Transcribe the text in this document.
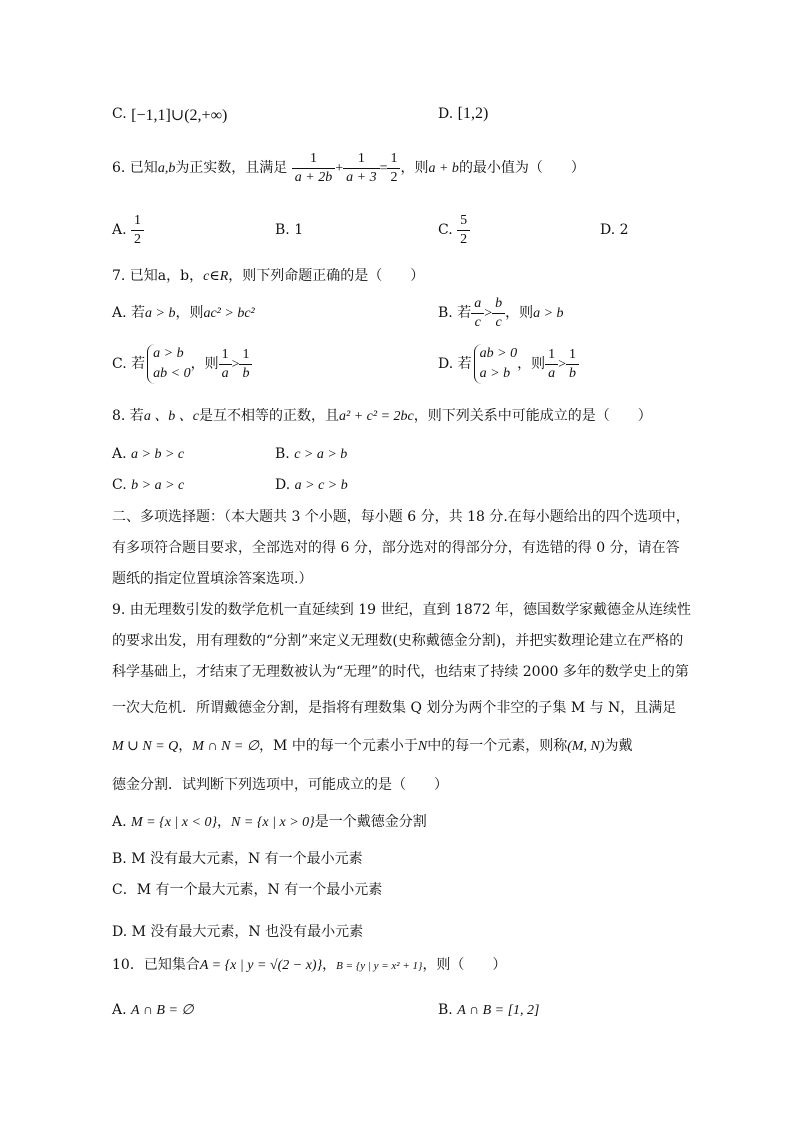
C. [−1,1]∪(2,+∞)	D. [1,2)
6. 已知a,b为正实数，且满足 $\frac{1}{a + 2b} + \frac{1}{a + 3} = \frac{1}{2}$ ，则a + b的最小值为（　　）
A. $\frac{1}{2}$	B. 1	C. $\frac{5}{2}$	D. 2
7. 已知a，b，c∈R，则下列命题正确的是（　　）
A. 若a > b，则ac² > bc²	B. 若 $\frac{a}{c} > \frac{b}{c}$ ，则a > b
C. 若
a > b
ab < 0
，则 $\frac{1}{a} > \frac{1}{b}$	D. 若
ab > 0
a > b
，则 $\frac{1}{a} > \frac{1}{b}$
8. 若a 、b 、c是互不相等的正数，且a² + c² = 2bc，则下列关系中可能成立的是（　　）
A. a > b > c	B. c > a > b
C. b > a > c	D. a > c > b
二、多项选择题：（本大题共 3 个小题，每小题 6 分，共 18 分.在每小题给出的四个选项中，
有多项符合题目要求，全部选对的得 6 分，部分选对的得部分分，有选错的得 0 分，请在答
题纸的指定位置填涂答案选项.）
9. 由无理数引发的数学危机一直延续到 19 世纪，直到 1872 年，德国数学家戴德金从连续性
的要求出发，用有理数的“分割”来定义无理数(史称戴德金分割)，并把实数理论建立在严格的
科学基础上，才结束了无理数被认为“无理”的时代，也结束了持续 2000 多年的数学史上的第
一次大危机．所谓戴德金分割，是指将有理数集 Q 划分为两个非空的子集 M 与 N，且满足
M ∪ N = Q，M ∩ N = ∅，M 中的每一个元素小于N中的每一个元素，则称(M, N)为戴
德金分割．试判断下列选项中，可能成立的是（　　）
A. M = {x | x < 0}，N = {x | x > 0}是一个戴德金分割
B. M 没有最大元素，N 有一个最小元素
C．M 有一个最大元素，N 有一个最小元素
D. M 没有最大元素，N 也没有最小元素
10．已知集合A = {x | y = √(2 − x)}，B = {y | y = x² + 1}，则（　　）
A. A ∩ B = ∅	B. A ∩ B = [1, 2]
